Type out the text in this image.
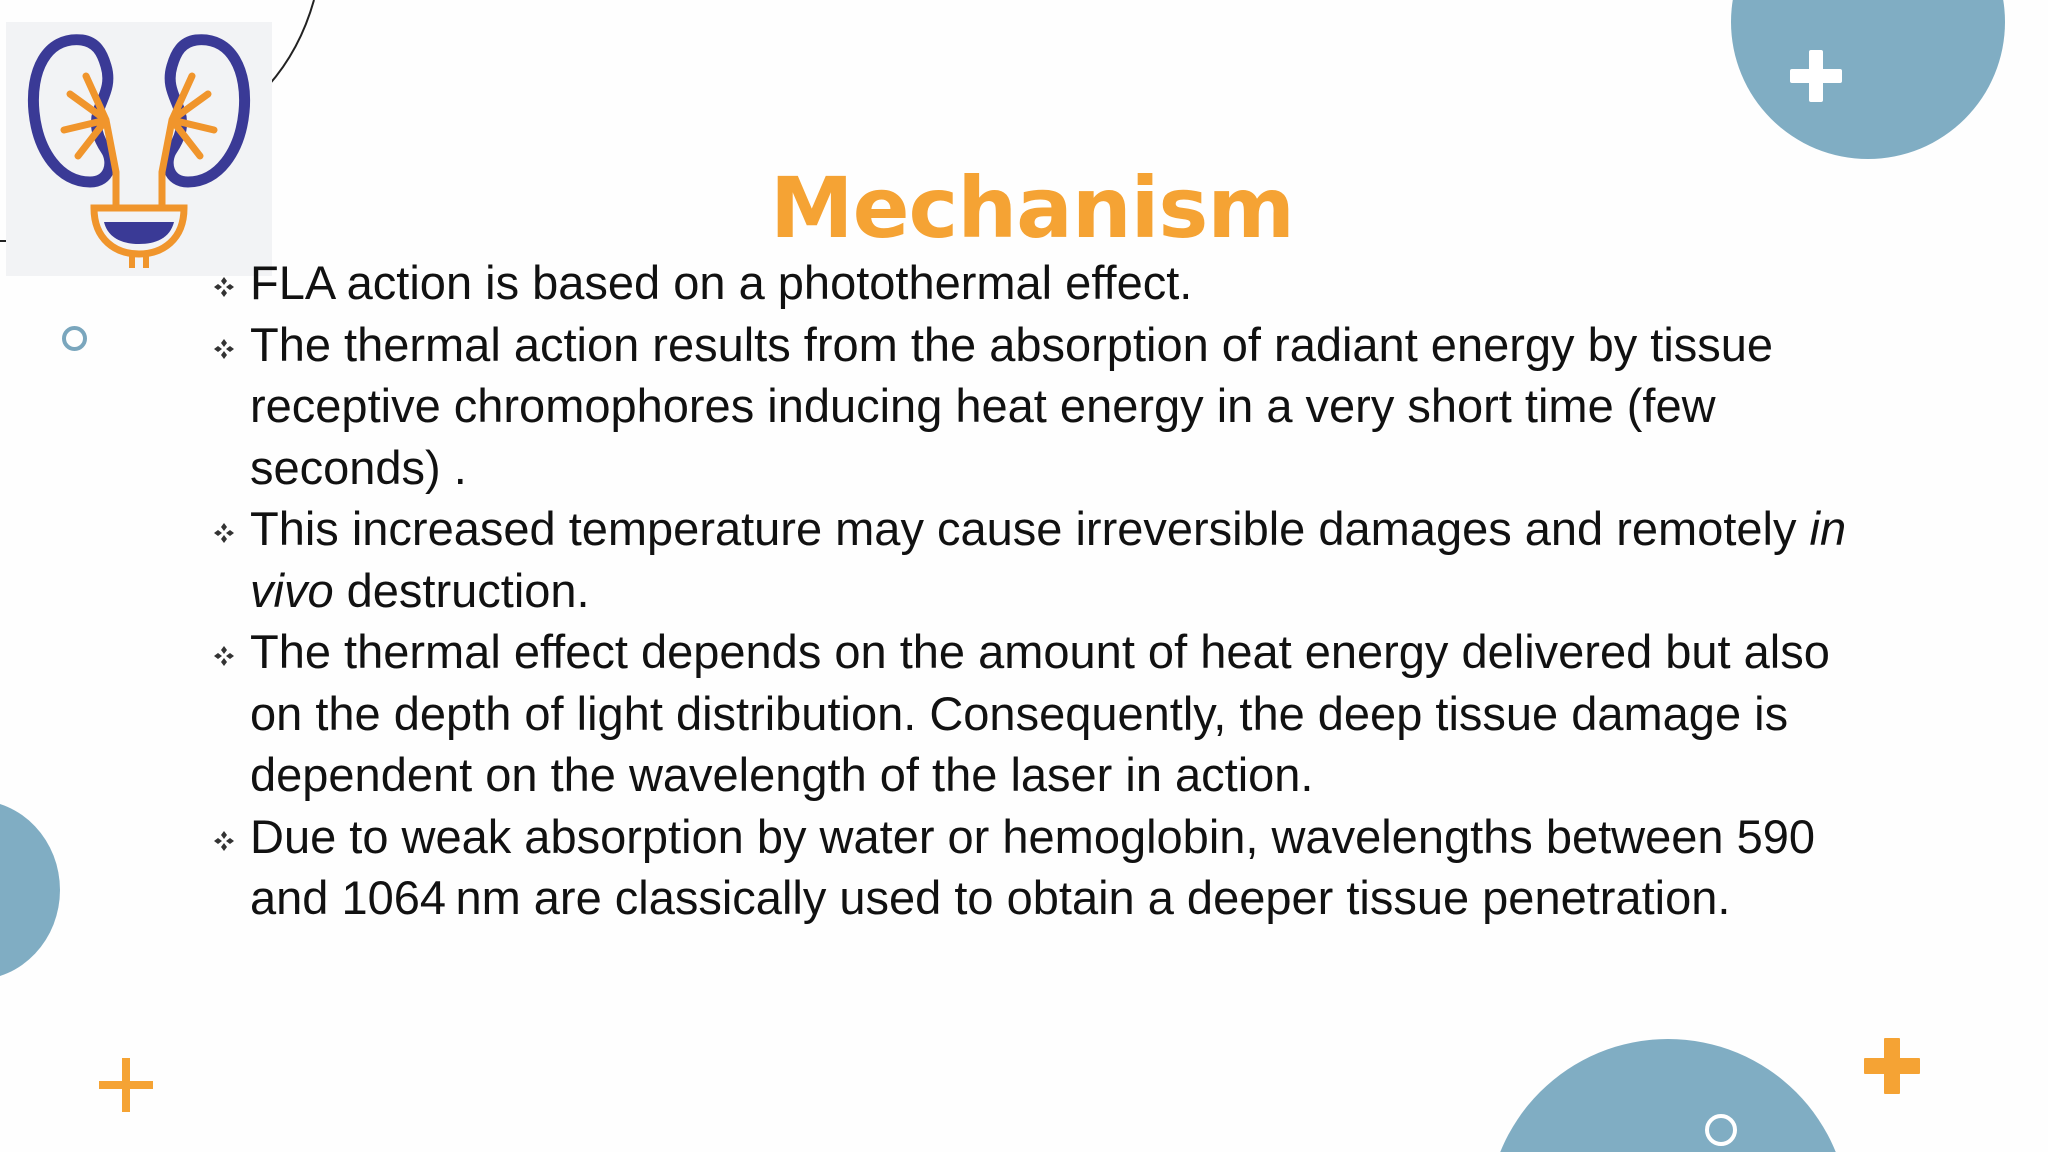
Mechanism
FLA action is based on a photothermal effect.
The thermal action results from the absorption of radiant energy by tissue receptive chromophores inducing heat energy in a very short time (few seconds) .
This increased temperature may cause irreversible damages and remotely in vivo destruction.
The thermal effect depends on the amount of heat energy delivered but also on the depth of light distribution. Consequently, the deep tissue damage is dependent on the wavelength of the laser in action.
Due to weak absorption by water or hemoglobin, wavelengths between 590 and 1064 nm are classically used to obtain a deeper tissue penetration.
